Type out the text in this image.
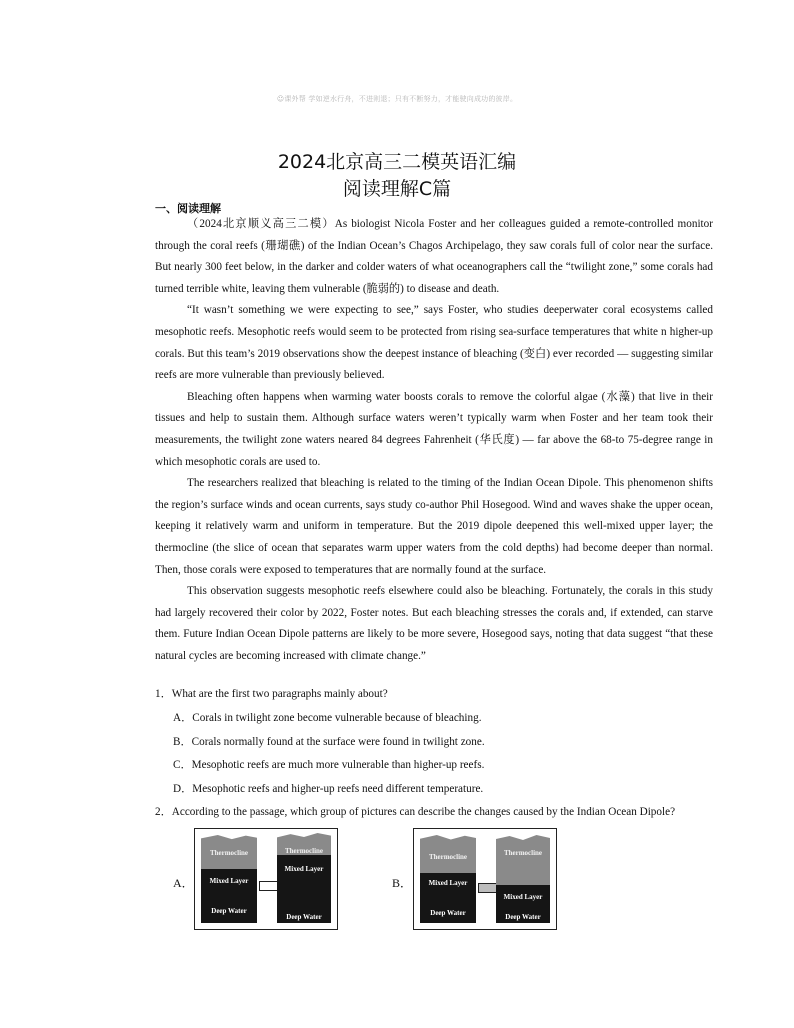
☺课外帮 学如逆水行舟，不进则退；只有不断努力，才能驶向成功的彼岸。
2024北京高三二模英语汇编
阅读理解C篇
一、阅读理解

（2024北京顺义高三二模）As biologist Nicola Foster and her colleagues guided a remote-controlled monitor through the coral reefs (珊瑚礁) of the Indian Ocean’s Chagos Archipelago, they saw corals full of color near the surface. But nearly 300 feet below, in the darker and colder waters of what oceanographers call the “twilight zone,” some corals had turned terrible white, leaving them vulnerable (脆弱的) to disease and death.

“It wasn’t something we were expecting to see,” says Foster, who studies deeperwater coral ecosystems called mesophotic reefs. Mesophotic reefs would seem to be protected from rising sea-surface temperatures that white n higher-up corals. But this team’s 2019 observations show the deepest instance of bleaching (变白) ever recorded — suggesting similar reefs are more vulnerable than previously believed.

Bleaching often happens when warming water boosts corals to remove the colorful algae (水藻) that live in their tissues and help to sustain them. Although surface waters weren’t typically warm when Foster and her team took their measurements, the twilight zone waters neared 84 degrees Fahrenheit (华氏度) — far above the 68-to 75-degree range in which mesophotic corals are used to.

The researchers realized that bleaching is related to the timing of the Indian Ocean Dipole. This phenomenon shifts the region’s surface winds and ocean currents, says study co-author Phil Hosegood. Wind and waves shake the upper ocean, keeping it relatively warm and uniform in temperature. But the 2019 dipole deepened this well-mixed upper layer; the thermocline (the slice of ocean that separates warm upper waters from the cold depths) had become deeper than normal. Then, those corals were exposed to temperatures that are normally found at the surface.

This observation suggests mesophotic reefs elsewhere could also be bleaching. Fortunately, the corals in this study had largely recovered their color by 2022, Foster notes. But each bleaching stresses the corals and, if extended, can starve them. Future Indian Ocean Dipole patterns are likely to be more severe, Hosegood says, noting that data suggest “that these natural cycles are becoming increased with climate change.”

1．What are the first two paragraphs mainly about?
A．Corals in twilight zone become vulnerable because of bleaching.
B．Corals normally found at the surface were found in twilight zone.
C．Mesophotic reefs are much more vulnerable than higher-up reefs.
D．Mesophotic reefs and higher-up reefs need different temperature.
2．According to the passage, which group of pictures can describe the changes caused by the Indian Ocean Dipole?
A．
Thermocline
Mixed Layer
Deep Water
Thermocline
Mixed Layer
Deep Water
B．
Thermocline
Mixed Layer
Deep Water
Thermocline
Mixed Layer
Deep Water
